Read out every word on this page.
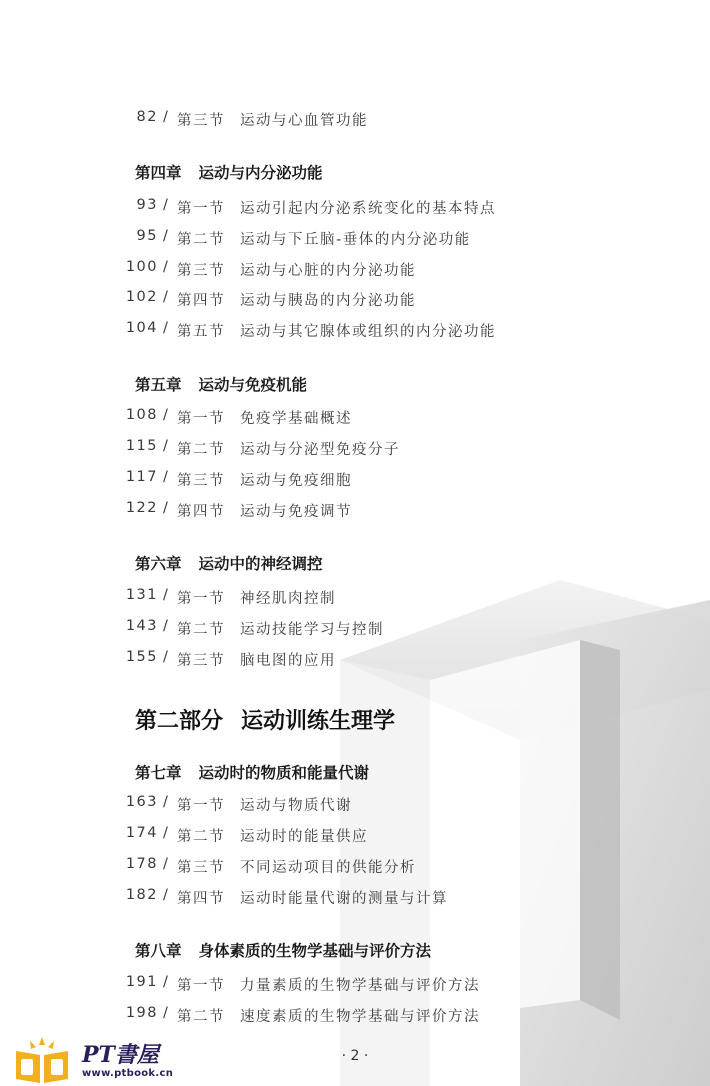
82 / 第三节 运动与心血管功能
第四章 运动与内分泌功能
93 / 第一节 运动引起内分泌系统变化的基本特点
95 / 第二节 运动与下丘脑-垂体的内分泌功能
100 / 第三节 运动与心脏的内分泌功能
102 / 第四节 运动与胰岛的内分泌功能
104 / 第五节 运动与其它腺体或组织的内分泌功能
第五章 运动与免疫机能
108 / 第一节 免疫学基础概述
115 / 第二节 运动与分泌型免疫分子
117 / 第三节 运动与免疫细胞
122 / 第四节 运动与免疫调节
第六章 运动中的神经调控
131 / 第一节 神经肌肉控制
143 / 第二节 运动技能学习与控制
155 / 第三节 脑电图的应用
第二部分 运动训练生理学
第七章 运动时的物质和能量代谢
163 / 第一节 运动与物质代谢
174 / 第二节 运动时的能量供应
178 / 第三节 不同运动项目的供能分析
182 / 第四节 运动时能量代谢的测量与计算
第八章 身体素质的生物学基础与评价方法
191 / 第一节 力量素质的生物学基础与评价方法
198 / 第二节 速度素质的生物学基础与评价方法
· 2 ·
PT書屋
www.ptbook.cn
